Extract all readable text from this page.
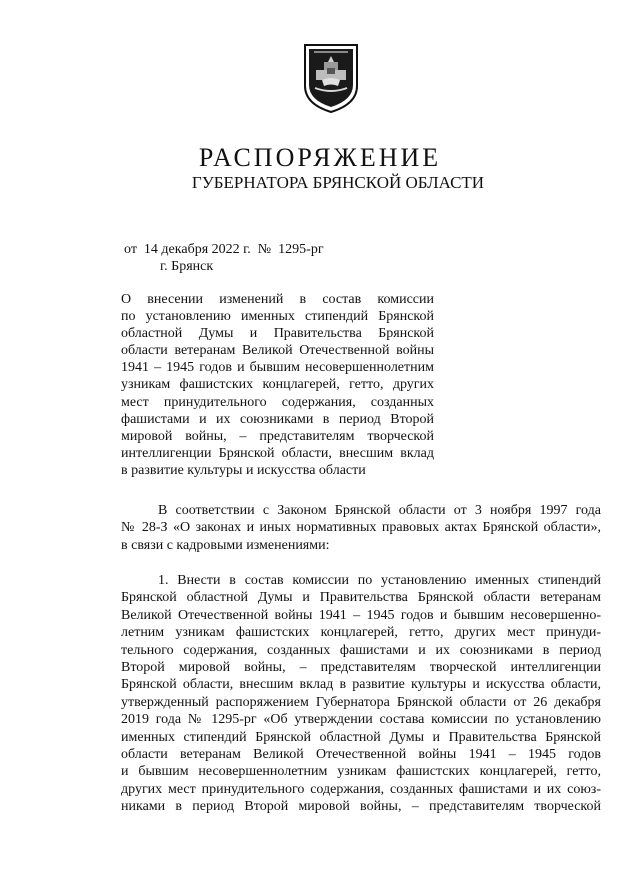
РАСПОРЯЖЕНИЕ
ГУБЕРНАТОРА БРЯНСКОЙ ОБЛАСТИ
от  14 декабря 2022 г.  №  1295-рг
г. Брянск
О внесении изменений в состав комиссии
по установлению именных стипендий Брянской
областной Думы и Правительства Брянской
области ветеранам Великой Отечественной войны
1941 – 1945 годов и бывшим несовершеннолетним
узникам фашистских концлагерей, гетто, других
мест принудительного содержания, созданных
фашистами и их союзниками в период Второй
мировой войны, – представителям творческой
интеллигенции Брянской области, внесшим вклад
в развитие культуры и искусства области
В соответствии с Законом Брянской области от 3 ноября 1997 года
№ 28-З «О законах и иных нормативных правовых актах Брянской области»,
в связи с кадровыми изменениями:
1. Внести в состав комиссии по установлению именных стипендий
Брянской областной Думы и Правительства Брянской области ветеранам
Великой Отечественной войны 1941 – 1945 годов и бывшим несовершенно-
летним узникам фашистских концлагерей, гетто, других мест принуди-
тельного содержания, созданных фашистами и их союзниками в период
Второй мировой войны, – представителям творческой интеллигенции
Брянской области, внесшим вклад в развитие культуры и искусства области,
утвержденный распоряжением Губернатора Брянской области от 26 декабря
2019 года № 1295-рг «Об утверждении состава комиссии по установлению
именных стипендий Брянской областной Думы и Правительства Брянской
области ветеранам Великой Отечественной войны 1941 – 1945 годов
и бывшим несовершеннолетним узникам фашистских концлагерей, гетто,
других мест принудительного содержания, созданных фашистами и их союз-
никами в период Второй мировой войны, – представителям творческой
